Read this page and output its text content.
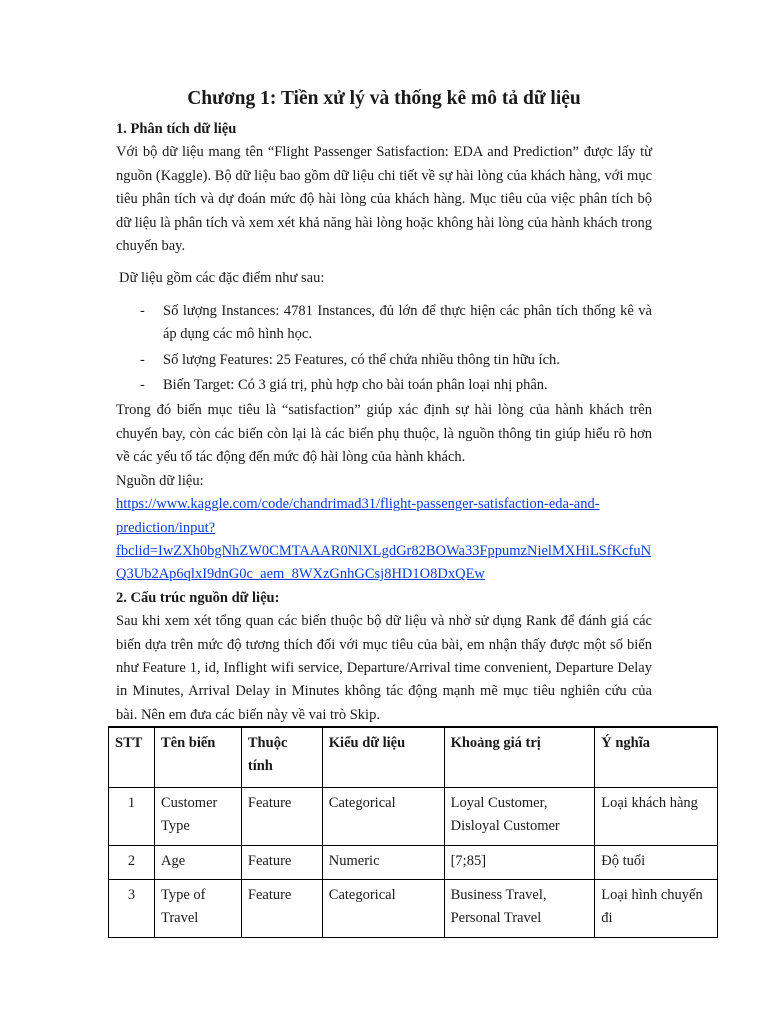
Chương 1: Tiền xử lý và thống kê mô tả dữ liệu

1. Phân tích dữ liệu

Với bộ dữ liệu mang tên “Flight Passenger Satisfaction: EDA and Prediction” được lấy từ nguồn (Kaggle). Bộ dữ liệu bao gồm dữ liệu chi tiết về sự hài lòng của khách hàng, với mục tiêu phân tích và dự đoán mức độ hài lòng của khách hàng. Mục tiêu của việc phân tích bộ dữ liệu là phân tích và xem xét khả năng hài lòng hoặc không hài lòng của hành khách trong chuyến bay.

Dữ liệu gồm các đặc điểm như sau:

- Số lượng Instances: 4781 Instances, đủ lớn để thực hiện các phân tích thống kê và áp dụng các mô hình học.
- Số lượng Features: 25 Features, có thể chứa nhiều thông tin hữu ích.
- Biến Target: Có 3 giá trị, phù hợp cho bài toán phân loại nhị phân.

Trong đó biến mục tiêu là “satisfaction” giúp xác định sự hài lòng của hành khách trên chuyến bay, còn các biến còn lại là các biến phụ thuộc, là nguồn thông tin giúp hiểu rõ hơn về các yếu tố tác động đến mức độ hài lòng của hành khách.

Nguồn dữ liệu:

https://www.kaggle.com/code/chandrimad31/flight-passenger-satisfaction-eda-and-
prediction/input?
fbclid=IwZXh0bgNhZW0CMTAAAR0NlXLgdGr82BOWa33FppumzNielMXHiLSfKcfuN
Q3Ub2Ap6qlxI9dnG0c_aem_8WXzGnhGCsj8HD1O8DxQEw

2. Cấu trúc nguồn dữ liệu:

Sau khi xem xét tổng quan các biến thuộc bộ dữ liệu và nhờ sử dụng Rank để đánh giá các biến dựa trên mức độ tương thích đối với mục tiêu của bài, em nhận thấy được một số biến như Feature 1, id, Inflight wifi service, Departure/Arrival time convenient, Departure Delay in Minutes, Arrival Delay in Minutes không tác động mạnh mẽ mục tiêu nghiên cứu của bài. Nên em đưa các biến này về vai trò Skip.

STT	Tên biến	Thuộc tính	Kiểu dữ liệu	Khoảng giá trị	Ý nghĩa
1	Customer Type	Feature	Categorical	Loyal Customer, Disloyal Customer	Loại khách hàng
2	Age	Feature	Numeric	[7;85]	Độ tuổi
3	Type of Travel	Feature	Categorical	Business Travel, Personal Travel	Loại hình chuyến đi
